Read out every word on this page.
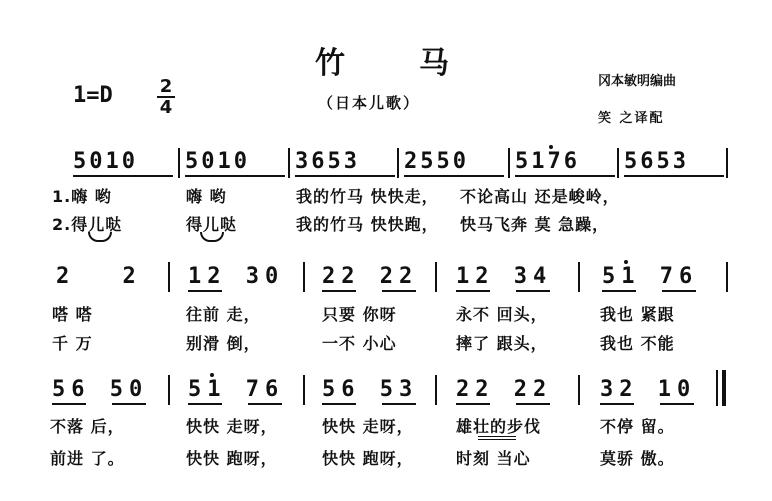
竹马
（日本儿歌）
1=D	2
4
冈本敏明编曲
笑 之译配
5010 5010 3653 2550 5176 5653
1.嗨 哟	嗨 哟	我的竹马 快快走， 不论高山 还是峻岭，
2.得儿哒	得儿哒	我的竹马 快快跑， 快马飞奔 莫 急躁，
2 2 12 30 22 22 12 34 51 76
嗒 嗒	往前 走，	只要 你呀	永不 回头，	我也 紧跟
千 万	别滑 倒，	一不 小心	摔了 跟头，	我也 不能
56 50 51 76 56 53 22 22 32 10
不落 后，	快快 走呀，	快快 走呀，	雄壮的步伐	不停 留。
前进 了。	快快 跑呀，	快快 跑呀，	时刻 当心	莫骄 傲。
